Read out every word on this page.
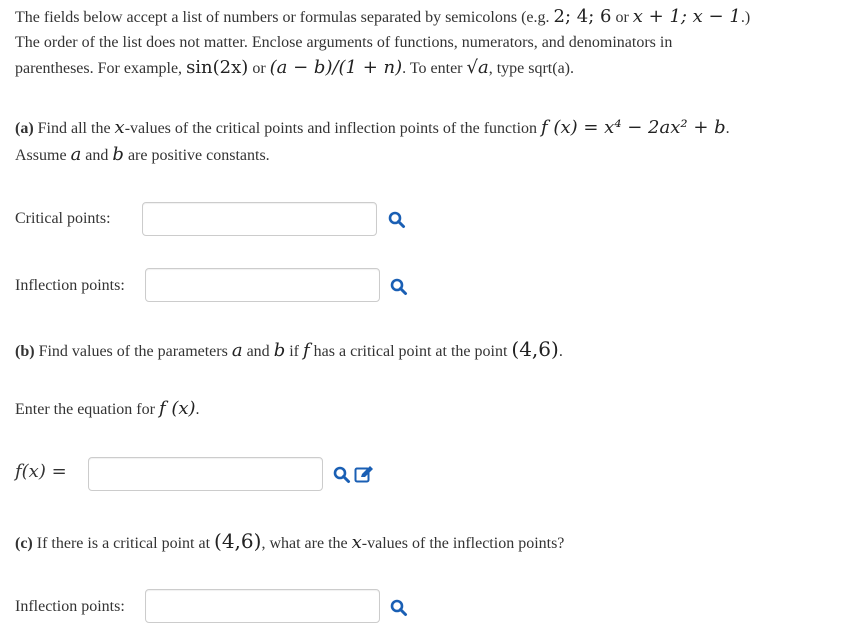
The fields below accept a list of numbers or formulas separated by semicolons (e.g. 2; 4; 6 or x + 1; x − 1.)
The order of the list does not matter. Enclose arguments of functions, numerators, and denominators in
parentheses. For example, sin(2x) or (a − b)/(1 + n). To enter √a, type sqrt(a).
(a) Find all the x-values of the critical points and inflection points of the function f (x) = x⁴ − 2ax² + b.
Assume a and b are positive constants.
Critical points:
Inflection points:
(b) Find values of the parameters a and b if f has a critical point at the point (4,6).
Enter the equation for f (x).
f(x) =
(c) If there is a critical point at (4,6), what are the x-values of the inflection points?
Inflection points:
